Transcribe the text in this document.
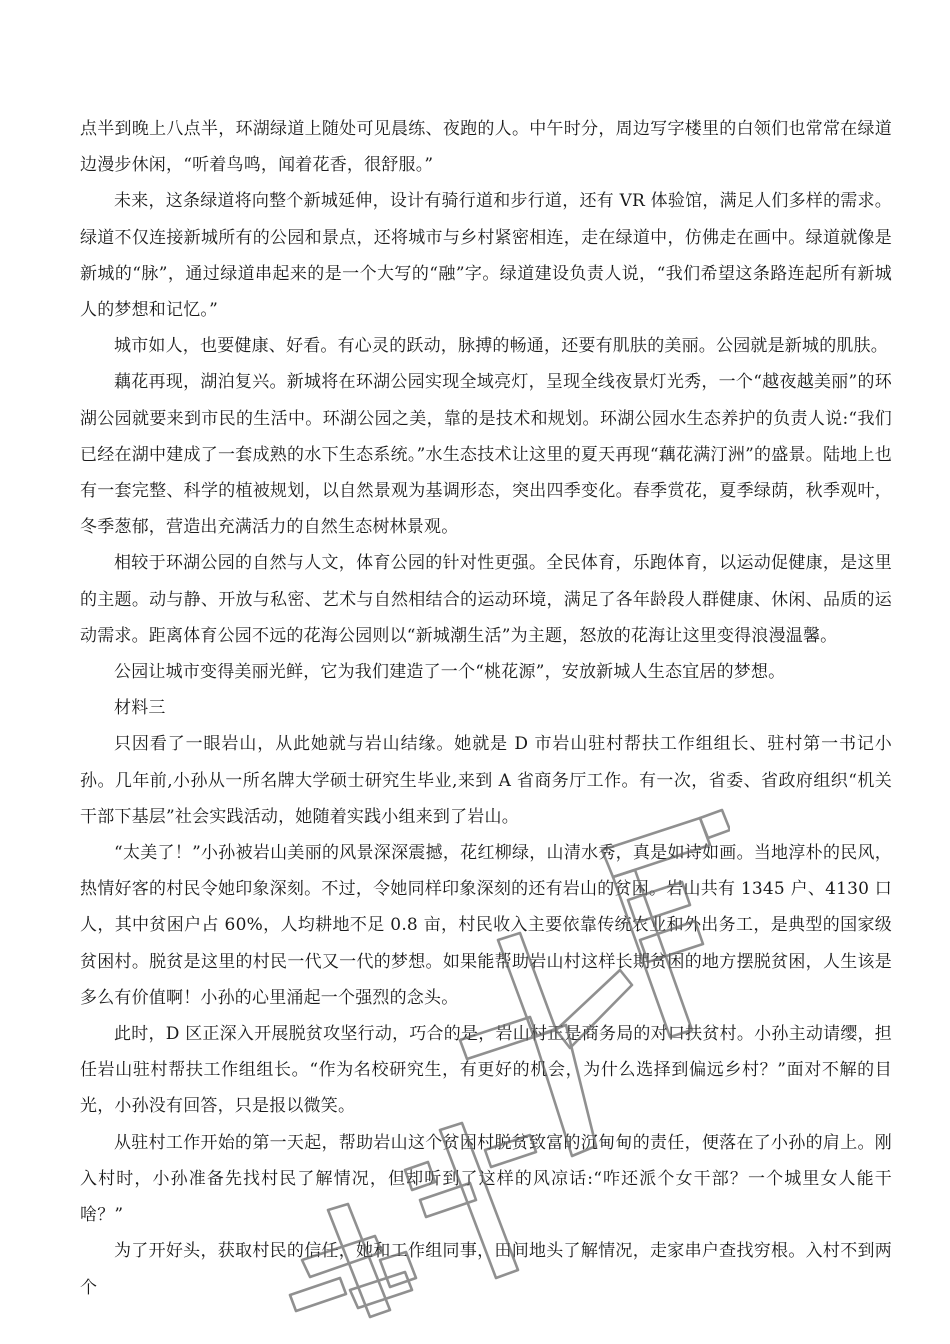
点半到晚上八点半，环湖绿道上随处可见晨练、夜跑的人。中午时分，周边写字楼里的白领们也常常在绿道边漫步休闲，“听着鸟鸣，闻着花香，很舒服。”

未来，这条绿道将向整个新城延伸，设计有骑行道和步行道，还有 VR 体验馆，满足人们多样的需求。绿道不仅连接新城所有的公园和景点，还将城市与乡村紧密相连，走在绿道中，仿佛走在画中。绿道就像是新城的“脉”，通过绿道串起来的是一个大写的“融”字。绿道建设负责人说，“我们希望这条路连起所有新城人的梦想和记忆。”

城市如人，也要健康、好看。有心灵的跃动，脉搏的畅通，还要有肌肤的美丽。公园就是新城的肌肤。

藕花再现，湖泊复兴。新城将在环湖公园实现全域亮灯，呈现全线夜景灯光秀，一个“越夜越美丽”的环湖公园就要来到市民的生活中。环湖公园之美，靠的是技术和规划。环湖公园水生态养护的负责人说:“我们已经在湖中建成了一套成熟的水下生态系统。”水生态技术让这里的夏天再现“藕花满汀洲”的盛景。陆地上也有一套完整、科学的植被规划，以自然景观为基调形态，突出四季变化。春季赏花，夏季绿荫，秋季观叶，冬季葱郁，营造出充满活力的自然生态树林景观。

相较于环湖公园的自然与人文，体育公园的针对性更强。全民体育，乐跑体育，以运动促健康，是这里的主题。动与静、开放与私密、艺术与自然相结合的运动环境，满足了各年龄段人群健康、休闲、品质的运动需求。距离体育公园不远的花海公园则以“新城潮生活”为主题，怒放的花海让这里变得浪漫温馨。

公园让城市变得美丽光鲜，它为我们建造了一个“桃花源”，安放新城人生态宜居的梦想。

材料三

只因看了一眼岩山，从此她就与岩山结缘。她就是 D 市岩山驻村帮扶工作组组长、驻村第一书记小孙。几年前,小孙从一所名牌大学硕士研究生毕业,来到 A 省商务厅工作。有一次，省委、省政府组织“机关干部下基层”社会实践活动，她随着实践小组来到了岩山。

“太美了！”小孙被岩山美丽的风景深深震撼，花红柳绿，山清水秀，真是如诗如画。当地淳朴的民风，热情好客的村民令她印象深刻。不过，令她同样印象深刻的还有岩山的贫困。岩山共有 1345 户、4130 口人，其中贫困户占 60%，人均耕地不足 0.8 亩，村民收入主要依靠传统农业和外出务工，是典型的国家级贫困村。脱贫是这里的村民一代又一代的梦想。如果能帮助岩山村这样长期贫困的地方摆脱贫困，人生该是多么有价值啊！小孙的心里涌起一个强烈的念头。

此时，D 区正深入开展脱贫攻坚行动，巧合的是，岩山村正是商务局的对口扶贫村。小孙主动请缨，担任岩山驻村帮扶工作组组长。“作为名校研究生，有更好的机会，为什么选择到偏远乡村？”面对不解的目光，小孙没有回答，只是报以微笑。

从驻村工作开始的第一天起，帮助岩山这个贫困村脱贫致富的沉甸甸的责任，便落在了小孙的肩上。刚入村时，小孙准备先找村民了解情况，但却听到了这样的风凉话:“咋还派个女干部？一个城里女人能干啥？”

为了开好头，获取村民的信任，她和工作组同事，田间地头了解情况，走家串户查找穷根。入村不到两个
